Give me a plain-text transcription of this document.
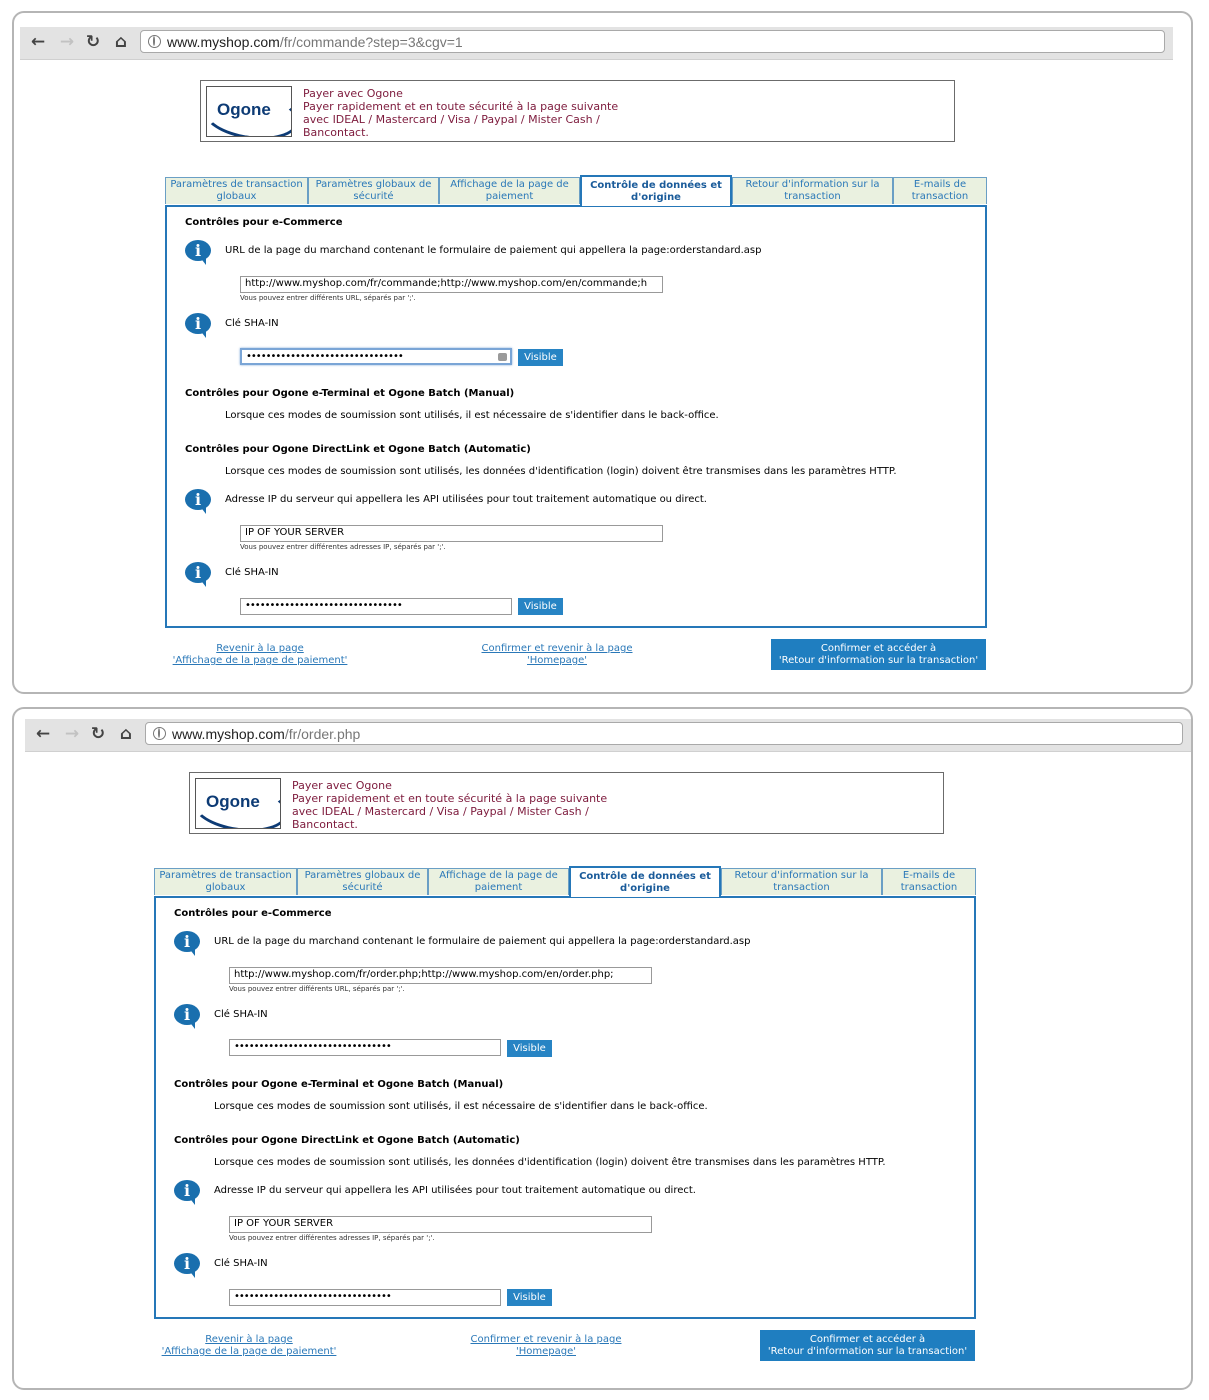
← → ↻ ⌂	www.myshop.com/fr/commande?step=3&cgv=1
Ogone
Payer avec Ogone
Payer rapidement et en toute sécurité à la page suivante
avec IDEAL / Mastercard / Visa / Paypal / Mister Cash /
Bancontact.
Paramètres de transaction globaux
Paramètres globaux de sécurité
Affichage de la page de paiement
Contrôle de données et d'origine
Retour d'information sur la transaction
E-mails de transaction
Contrôles pour e-Commerce
i	URL de la page du marchand contenant le formulaire de paiement qui appellera la page:orderstandard.asp
http://www.myshop.com/fr/commande;http://www.myshop.com/en/commande;h
Vous pouvez entrer différents URL, séparés par ';'.
i	Clé SHA-IN
••••••••••••••••••••••••••••••••	Visible
Contrôles pour Ogone e-Terminal et Ogone Batch (Manual)
Lorsque ces modes de soumission sont utilisés, il est nécessaire de s'identifier dans le back-office.
Contrôles pour Ogone DirectLink et Ogone Batch (Automatic)
Lorsque ces modes de soumission sont utilisés, les données d'identification (login) doivent être transmises dans les paramètres HTTP.
i	Adresse IP du serveur qui appellera les API utilisées pour tout traitement automatique ou direct.
IP OF YOUR SERVER
Vous pouvez entrer différentes adresses IP, séparés par ';'.
i	Clé SHA-IN
••••••••••••••••••••••••••••••••	Visible
Revenir à la page
'Affichage de la page de paiement'
Confirmer et revenir à la page
'Homepage'
Confirmer et accéder à
'Retour d'information sur la transaction'
← → ↻ ⌂	www.myshop.com/fr/order.php
Ogone
Payer avec Ogone
Payer rapidement et en toute sécurité à la page suivante
avec IDEAL / Mastercard / Visa / Paypal / Mister Cash /
Bancontact.
Paramètres de transaction globaux
Paramètres globaux de sécurité
Affichage de la page de paiement
Contrôle de données et d'origine
Retour d'information sur la transaction
E-mails de transaction
Contrôles pour e-Commerce
i	URL de la page du marchand contenant le formulaire de paiement qui appellera la page:orderstandard.asp
http://www.myshop.com/fr/order.php;http://www.myshop.com/en/order.php;
Vous pouvez entrer différents URL, séparés par ';'.
i	Clé SHA-IN
••••••••••••••••••••••••••••••••	Visible
Contrôles pour Ogone e-Terminal et Ogone Batch (Manual)
Lorsque ces modes de soumission sont utilisés, il est nécessaire de s'identifier dans le back-office.
Contrôles pour Ogone DirectLink et Ogone Batch (Automatic)
Lorsque ces modes de soumission sont utilisés, les données d'identification (login) doivent être transmises dans les paramètres HTTP.
i	Adresse IP du serveur qui appellera les API utilisées pour tout traitement automatique ou direct.
IP OF YOUR SERVER
Vous pouvez entrer différentes adresses IP, séparés par ';'.
i	Clé SHA-IN
••••••••••••••••••••••••••••••••	Visible
Revenir à la page
'Affichage de la page de paiement'
Confirmer et revenir à la page
'Homepage'
Confirmer et accéder à
'Retour d'information sur la transaction'
